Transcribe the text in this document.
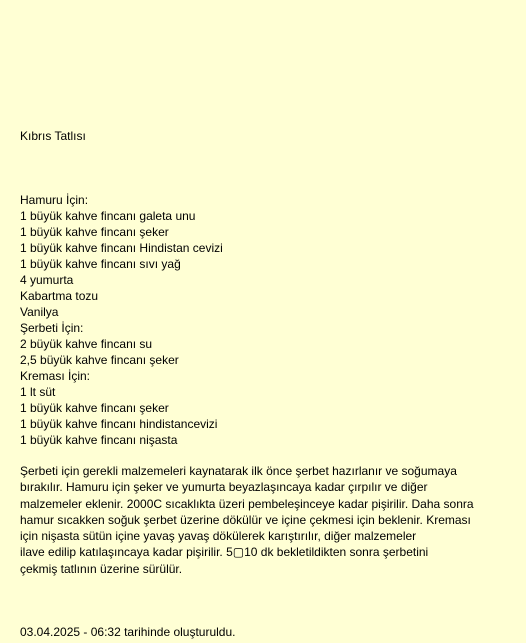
Kıbrıs Tatlısı
Hamuru İçin:
1 büyük kahve fincanı galeta unu
1 büyük kahve fincanı şeker
1 büyük kahve fincanı Hindistan cevizi
1 büyük kahve fincanı sıvı yağ
4 yumurta
Kabartma tozu
Vanilya
Şerbeti İçin:
2 büyük kahve fincanı su
2,5 büyük kahve fincanı şeker
Kreması İçin:
1 lt süt
1 büyük kahve fincanı şeker
1 büyük kahve fincanı hindistancevizi
1 büyük kahve fincanı nişasta

Şerbeti için gerekli malzemeleri kaynatarak ilk önce şerbet hazırlanır ve soğumaya
bırakılır. Hamuru için şeker ve yumurta beyazlaşıncaya kadar çırpılır ve diğer
malzemeler eklenir. 2000C sıcaklıkta üzeri pembeleşinceye kadar pişirilir. Daha sonra
hamur sıcakken soğuk şerbet üzerine dökülür ve içine çekmesi için beklenir. Kreması
için nişasta sütün içine yavaş yavaş dökülerek karıştırılır, diğer malzemeler
ilave edilip katılaşıncaya kadar pişirilir. 5▢10 dk bekletildikten sonra şerbetini
çekmiş tatlının üzerine sürülür.

03.04.2025 - 06:32 tarihinde oluşturuldu.
